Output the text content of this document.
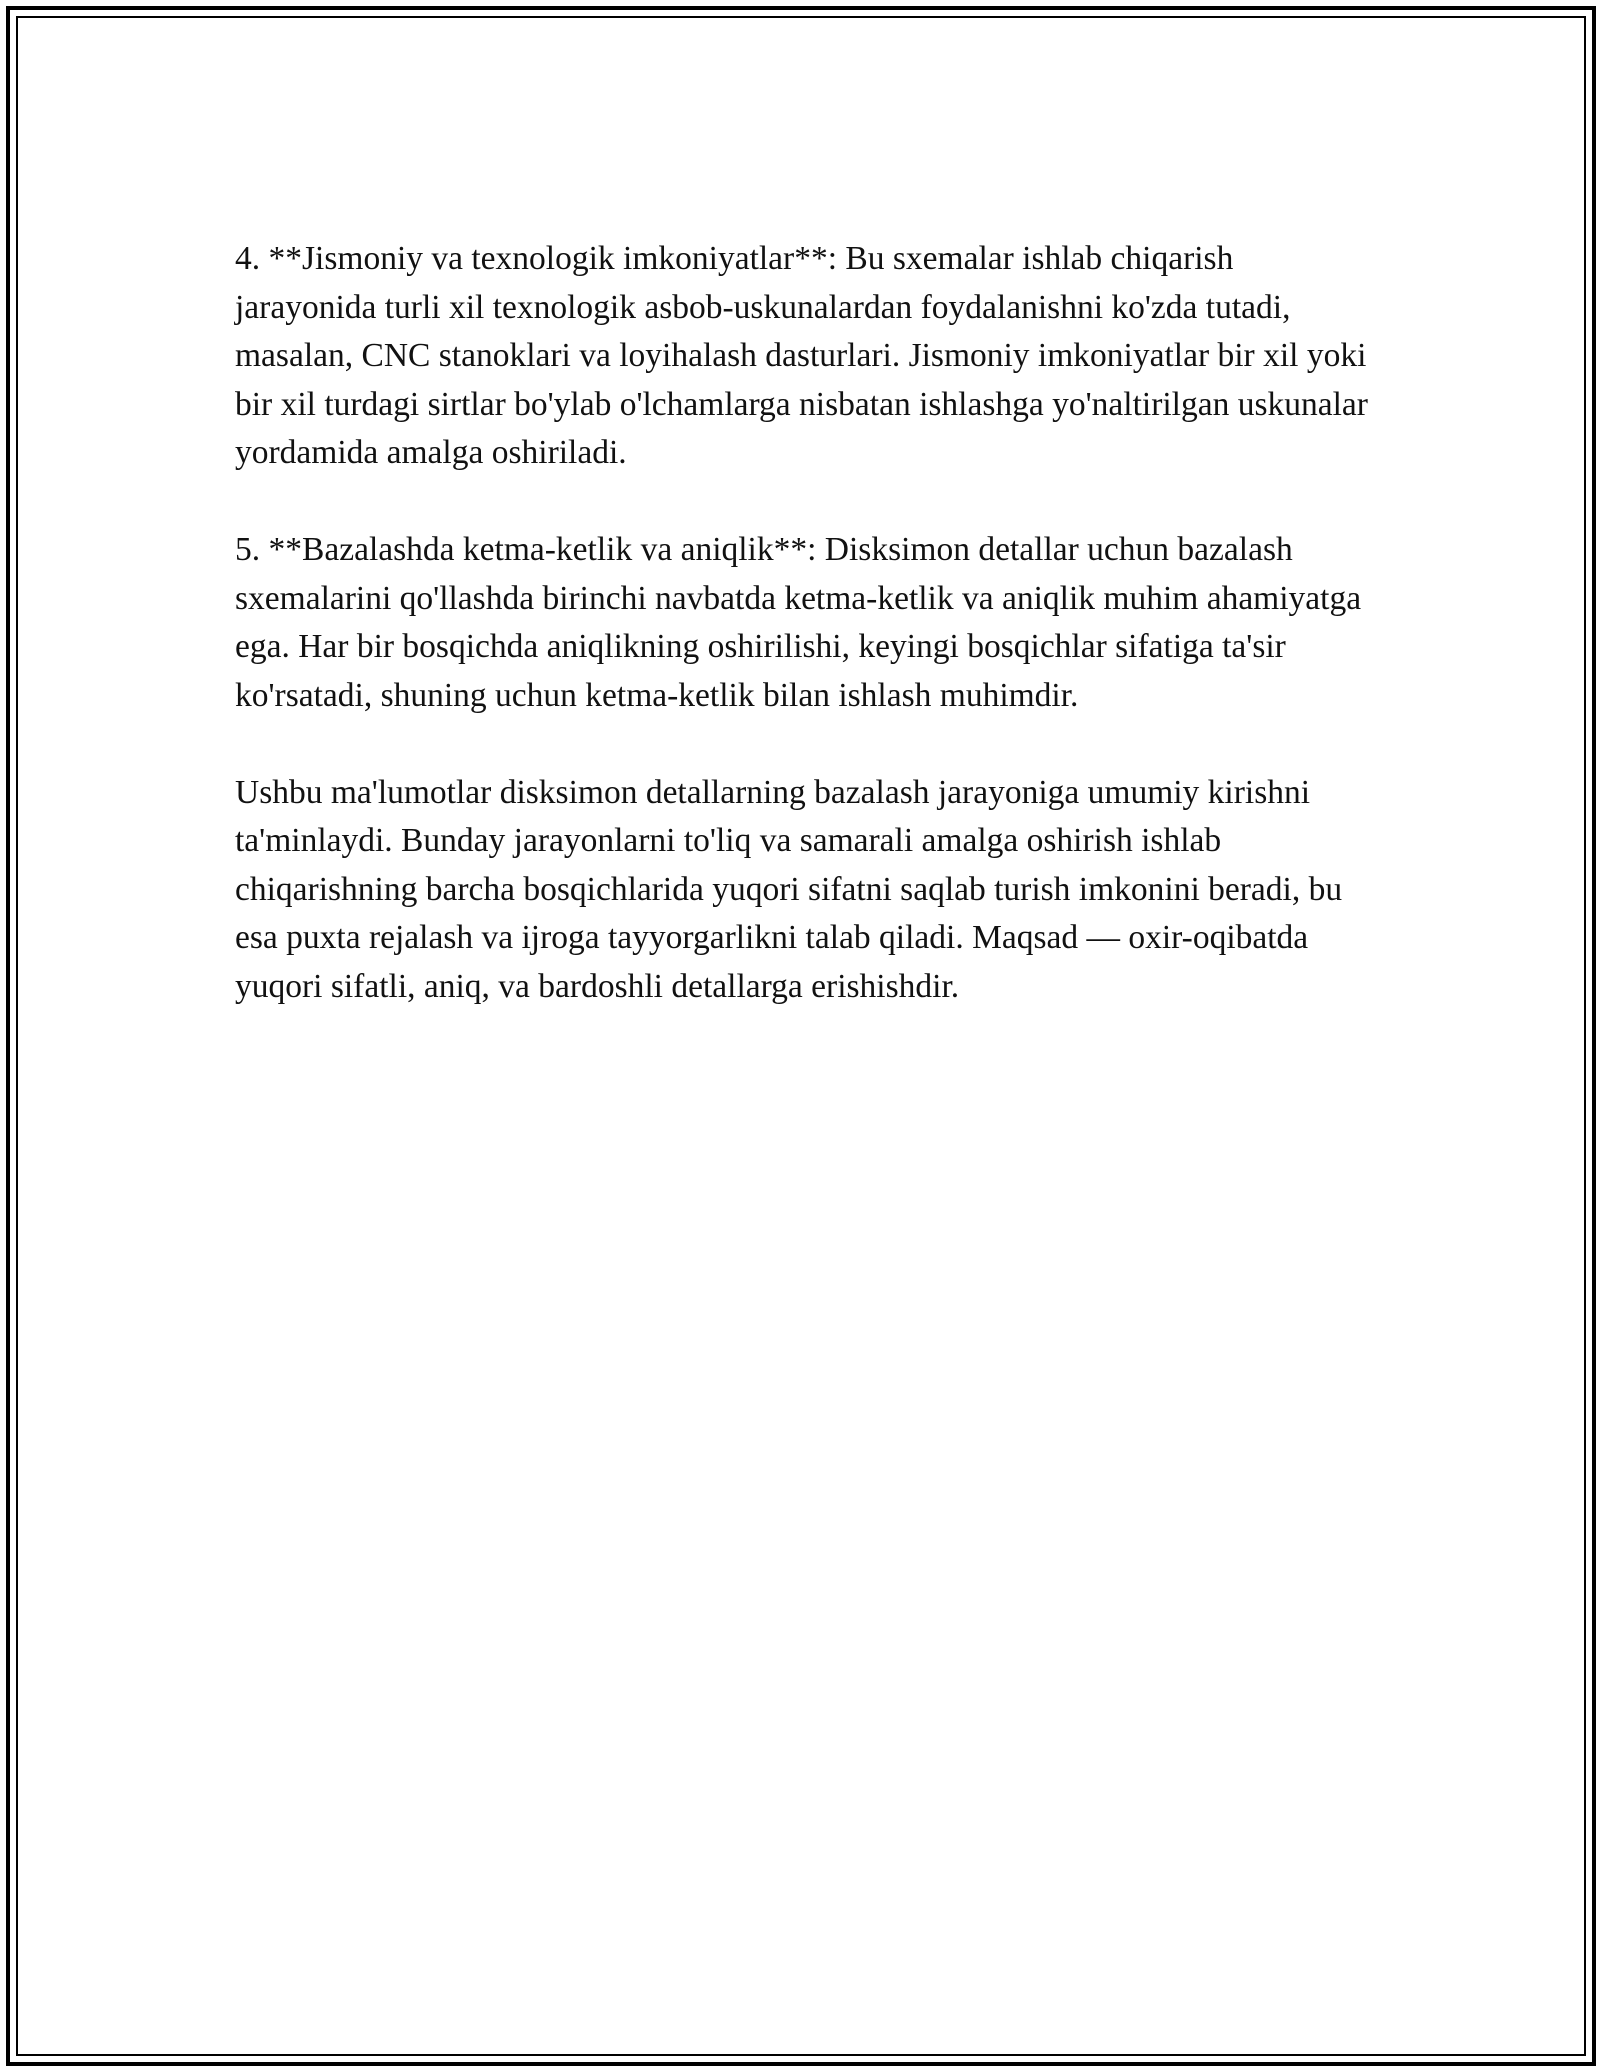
4. **Jismoniy va texnologik imkoniyatlar**: Bu sxemalar ishlab chiqarish jarayonida turli xil texnologik asbob-uskunalardan foydalanishni ko'zda tutadi, masalan, CNC stanoklari va loyihalash dasturlari. Jismoniy imkoniyatlar bir xil yoki bir xil turdagi sirtlar bo'ylab o'lchamlarga nisbatan ishlashga yo'naltirilgan uskunalar yordamida amalga oshiriladi.

5. **Bazalashda ketma-ketlik va aniqlik**: Disksimon detallar uchun bazalash sxemalarini qo'llashda birinchi navbatda ketma-ketlik va aniqlik muhim ahamiyatga ega. Har bir bosqichda aniqlikning oshirilishi, keyingi bosqichlar sifatiga ta'sir ko'rsatadi, shuning uchun ketma-ketlik bilan ishlash muhimdir.

Ushbu ma'lumotlar disksimon detallarning bazalash jarayoniga umumiy kirishni ta'minlaydi. Bunday jarayonlarni to'liq va samarali amalga oshirish ishlab chiqarishning barcha bosqichlarida yuqori sifatni saqlab turish imkonini beradi, bu esa puxta rejalash va ijroga tayyorgarlikni talab qiladi. Maqsad — oxir-oqibatda yuqori sifatli, aniq, va bardoshli detallarga erishishdir.
